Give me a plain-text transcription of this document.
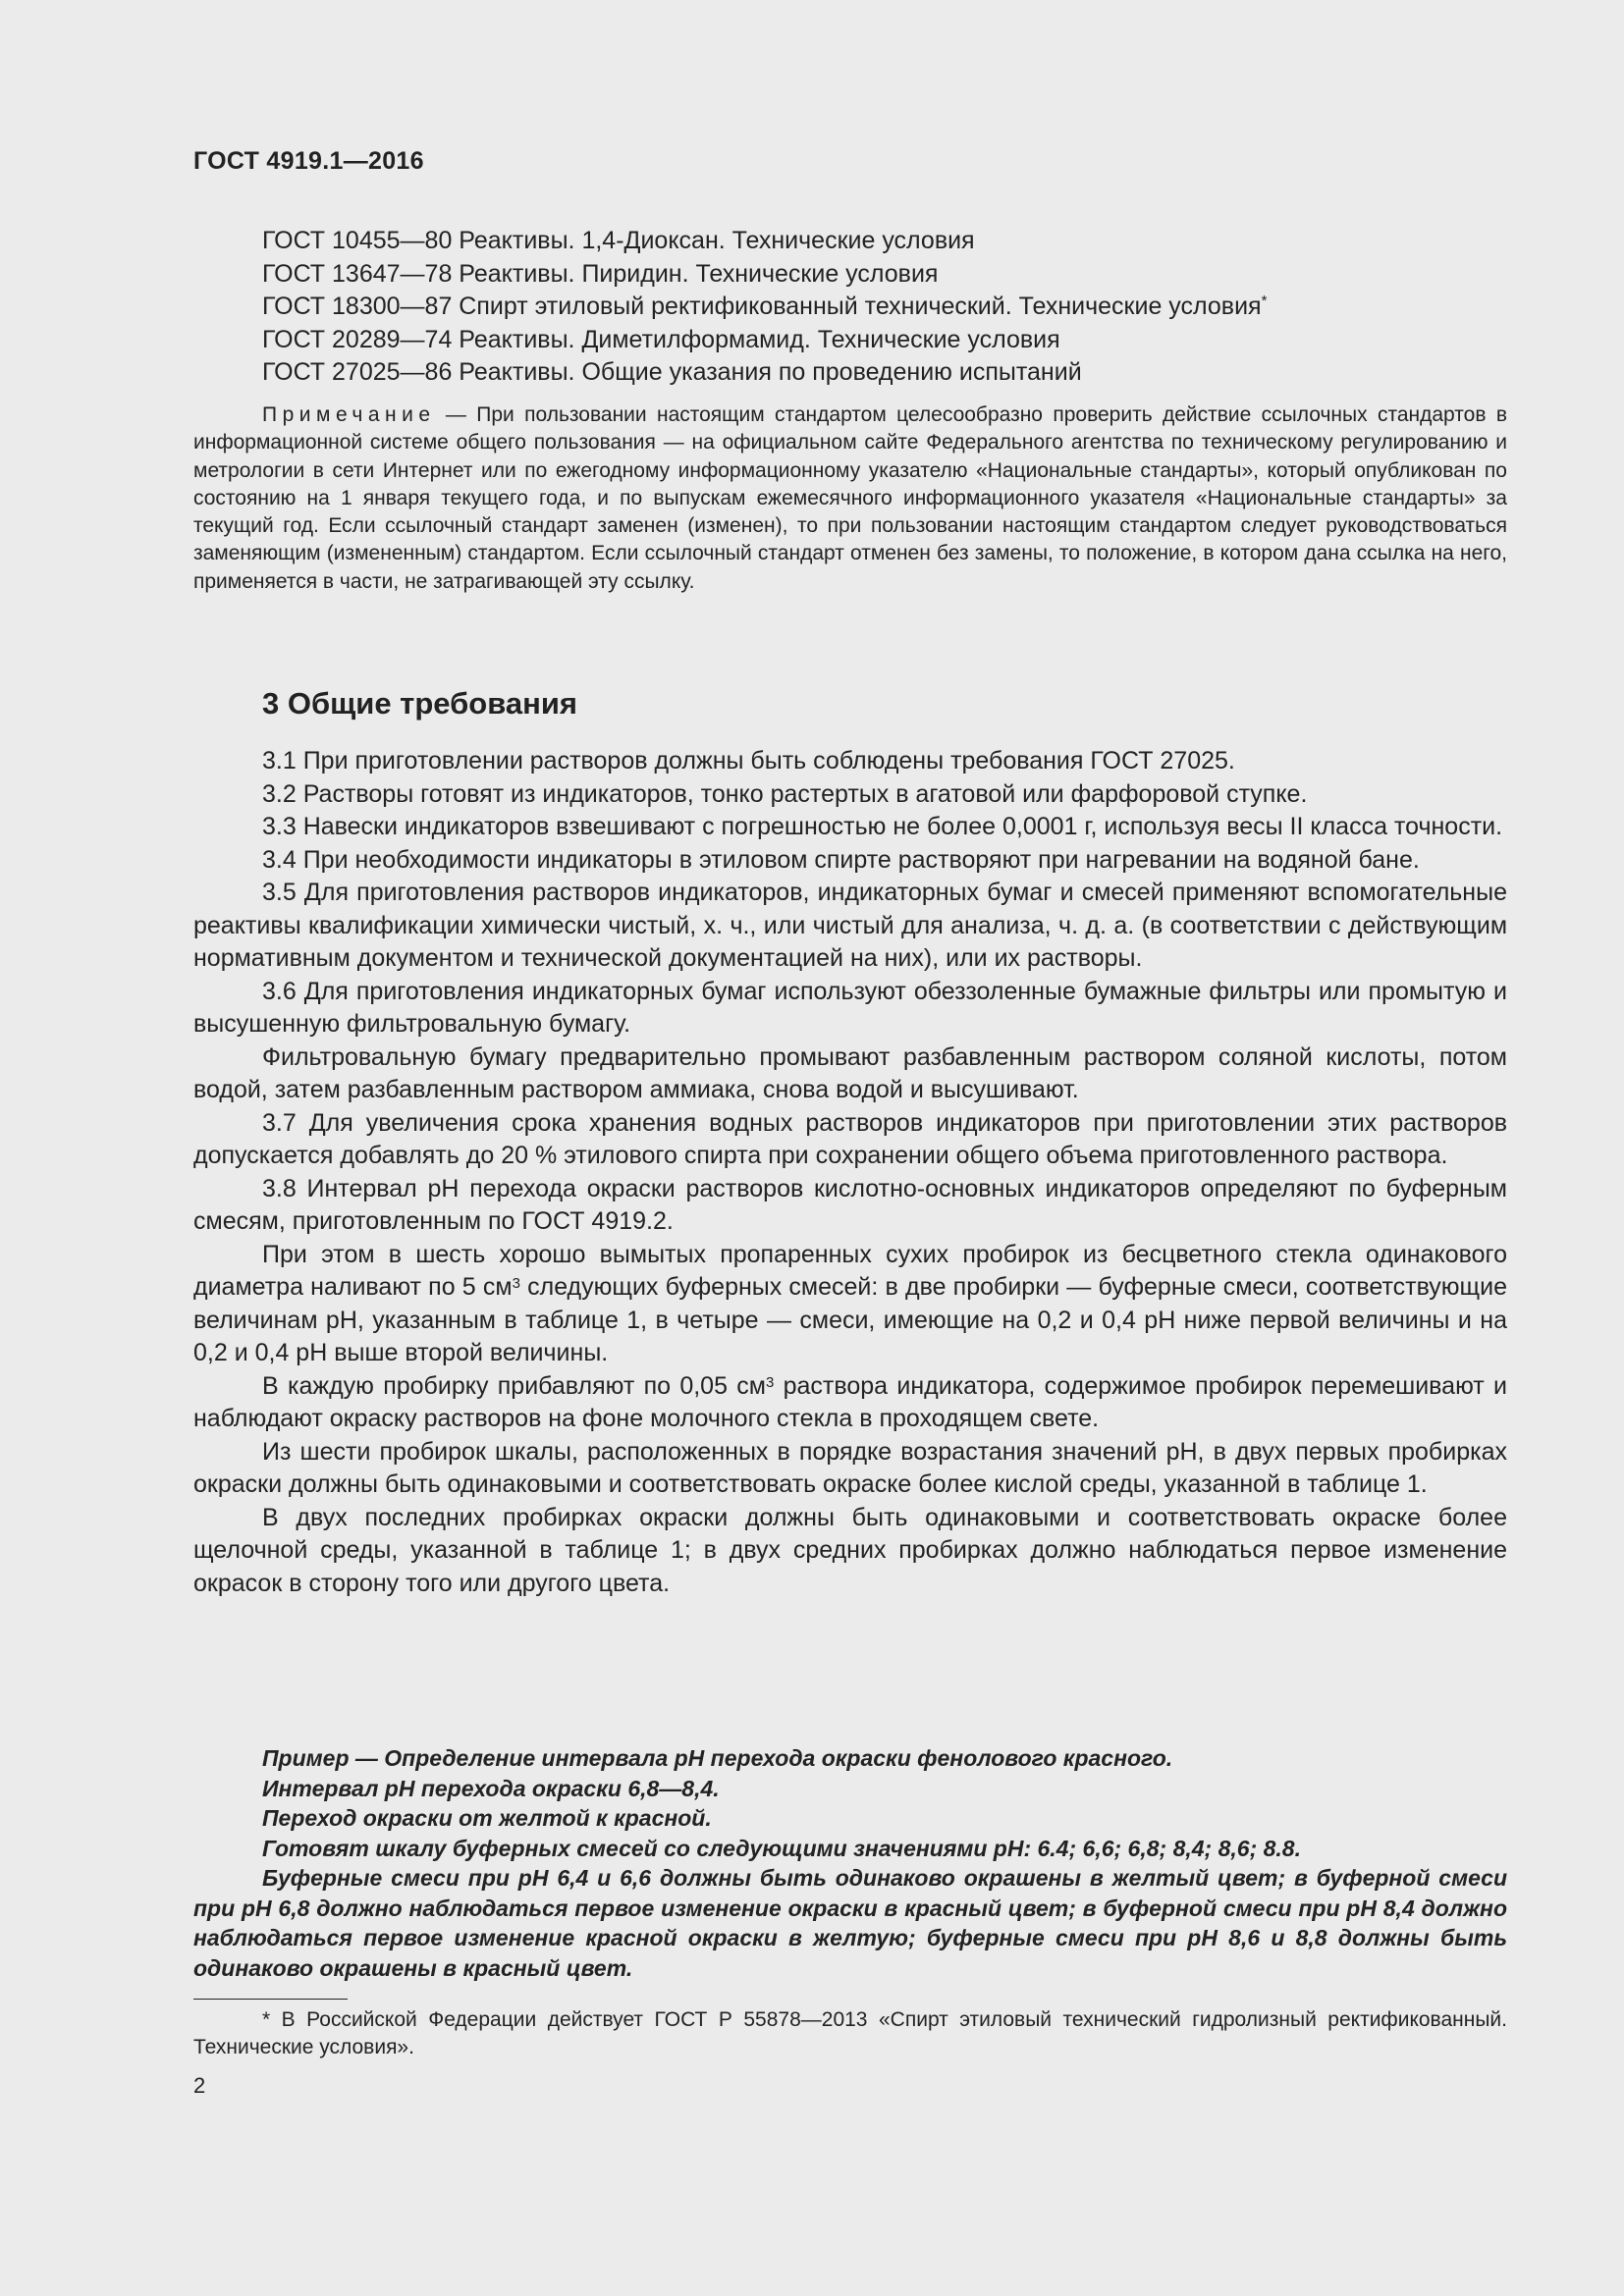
ГОСТ 4919.1—2016
ГОСТ 10455—80 Реактивы. 1,4-Диоксан. Технические условия
ГОСТ 13647—78 Реактивы. Пиридин. Технические условия
ГОСТ 18300—87 Спирт этиловый ректификованный технический. Технические условия*
ГОСТ 20289—74 Реактивы. Диметилформамид. Технические условия
ГОСТ 27025—86 Реактивы. Общие указания по проведению испытаний

Примечание — При пользовании настоящим стандартом целесообразно проверить действие ссылочных стандартов в информационной системе общего пользования — на официальном сайте Федерального агентства по техническому регулированию и метрологии в сети Интернет или по ежегодному информационному указателю «Национальные стандарты», который опубликован по состоянию на 1 января текущего года, и по выпускам ежемесячного информационного указателя «Национальные стандарты» за текущий год. Если ссылочный стандарт заменен (изменен), то при пользовании настоящим стандартом следует руководствоваться заменяющим (измененным) стандартом. Если ссылочный стандарт отменен без замены, то положение, в котором дана ссылка на него, применяется в части, не затрагивающей эту ссылку.

3 Общие требования

3.1 При приготовлении растворов должны быть соблюдены требования ГОСТ 27025.

3.2 Растворы готовят из индикаторов, тонко растертых в агатовой или фарфоровой ступке.

3.3 Навески индикаторов взвешивают с погрешностью не более 0,0001 г, используя весы II класса точности.

3.4 При необходимости индикаторы в этиловом спирте растворяют при нагревании на водяной бане.

3.5 Для приготовления растворов индикаторов, индикаторных бумаг и смесей применяют вспомогательные реактивы квалификации химически чистый, х. ч., или чистый для анализа, ч. д. а. (в соответствии с действующим нормативным документом и технической документацией на них), или их растворы.

3.6 Для приготовления индикаторных бумаг используют обеззоленные бумажные фильтры или промытую и высушенную фильтровальную бумагу.

Фильтровальную бумагу предварительно промывают разбавленным раствором соляной кислоты, потом водой, затем разбавленным раствором аммиака, снова водой и высушивают.

3.7 Для увеличения срока хранения водных растворов индикаторов при приготовлении этих растворов допускается добавлять до 20 % этилового спирта при сохранении общего объема приготовленного раствора.

3.8 Интервал pH перехода окраски растворов кислотно-основных индикаторов определяют по буферным смесям, приготовленным по ГОСТ 4919.2.

При этом в шесть хорошо вымытых пропаренных сухих пробирок из бесцветного стекла одинакового диаметра наливают по 5 $см^3$ следующих буферных смесей: в две пробирки — буферные смеси, соответствующие величинам pH, указанным в таблице 1, в четыре — смеси, имеющие на 0,2 и 0,4 pH ниже первой величины и на 0,2 и 0,4 pH выше второй величины.

В каждую пробирку прибавляют по 0,05 $см^3$ раствора индикатора, содержимое пробирок перемешивают и наблюдают окраску растворов на фоне молочного стекла в проходящем свете.

Из шести пробирок шкалы, расположенных в порядке возрастания значений pH, в двух первых пробирках окраски должны быть одинаковыми и соответствовать окраске более кислой среды, указанной в таблице 1.

В двух последних пробирках окраски должны быть одинаковыми и соответствовать окраске более щелочной среды, указанной в таблице 1; в двух средних пробирках должно наблюдаться первое изменение окрасок в сторону того или другого цвета.

Пример — Определение интервала pH перехода окраски фенолового красного.

Интервал pH перехода окраски 6,8—8,4.

Переход окраски от желтой к красной.

Готовят шкалу буферных смесей со следующими значениями pH: 6.4; 6,6; 6,8; 8,4; 8,6; 8.8.

Буферные смеси при pH 6,4 и 6,6 должны быть одинаково окрашены в желтый цвет; в буферной смеси при pH 6,8 должно наблюдаться первое изменение окраски в красный цвет; в буферной смеси при pH 8,4 должно наблюдаться первое изменение красной окраски в желтую; буферные смеси при pH 8,6 и 8,8 должны быть одинаково окрашены в красный цвет.

* В Российской Федерации действует ГОСТ Р 55878—2013 «Спирт этиловый технический гидролизный ректификованный. Технические условия».

2
